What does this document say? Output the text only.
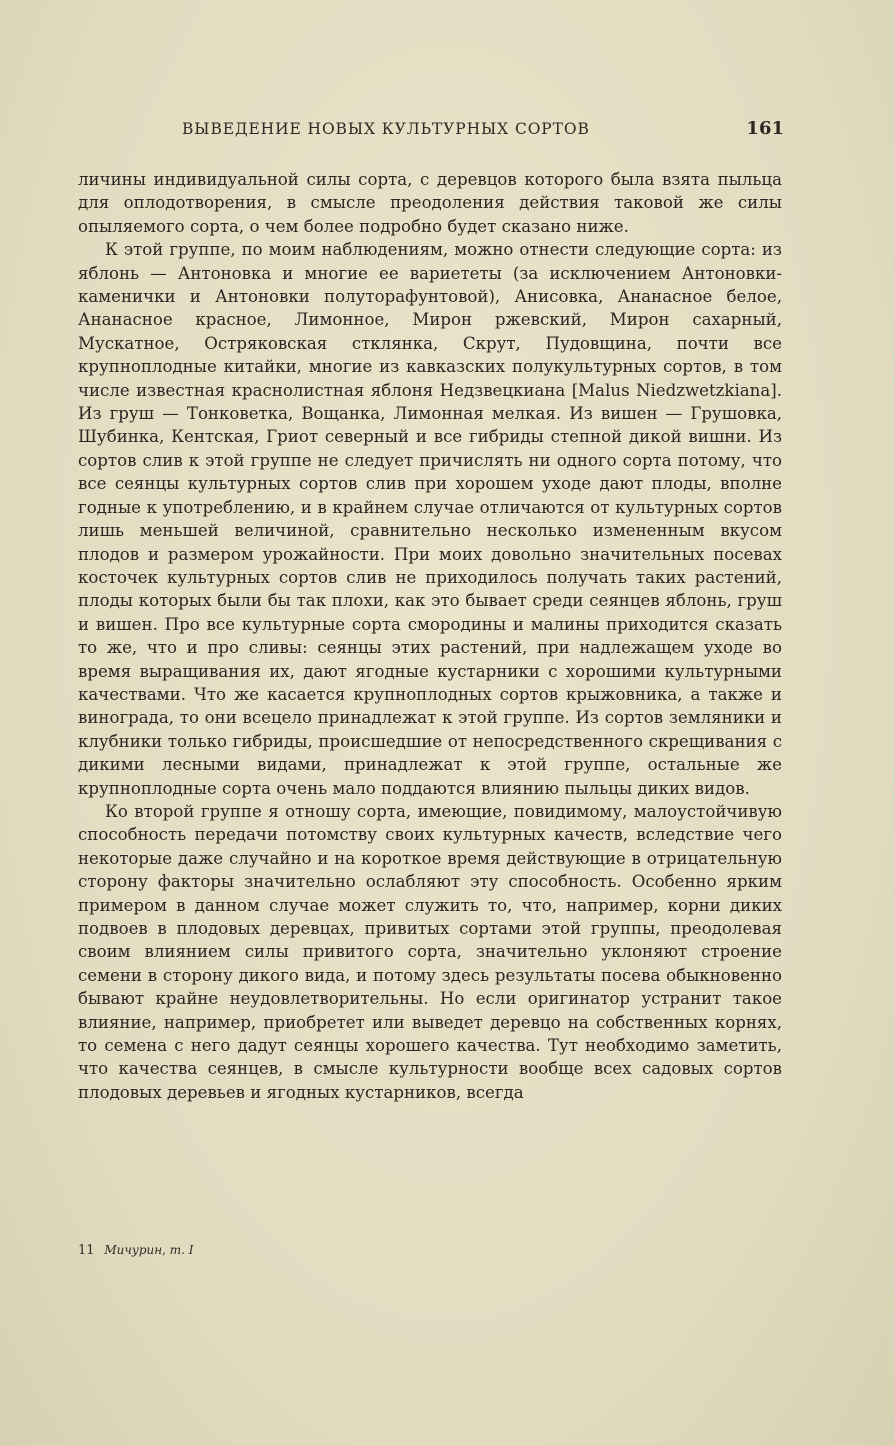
ВЫВЕДЕНИЕ НОВЫХ КУЛЬТУРНЫХ СОРТОВ	161

личины индивидуальной силы сорта, с деревцов которого была взята пыльца для оплодотворения, в смысле преодоления действия таковой же силы опыляемого сорта, о чем более подробно будет сказано ниже.

К этой группе, по моим наблюдениям, можно отнести следующие сорта: из яблонь — Антоновка и многие ее вариететы (за исключением Антоновки-каменички и Антоновки полуторафунтовой), Анисовка, Ананасное белое, Ананасное красное, Лимонное, Мирон ржевский, Мирон сахарный, Мускатное, Остряковская стклянка, Скрут, Пудовщина, почти все крупноплодные китайки, многие из кавказских полукультурных сортов, в том числе известная краснолистная яблоня Недзвецкиана [Malus Niedzwetzkiana]. Из груш — Тонковетка, Вощанка, Лимонная мелкая. Из вишен — Грушовка, Шубинка, Кентская, Гриот северный и все гибриды степной дикой вишни. Из сортов слив к этой группе не следует причислять ни одного сорта потому, что все сеянцы культурных сортов слив при хорошем уходе дают плоды, вполне годные к употреблению, и в крайнем случае отличаются от культурных сортов лишь меньшей величиной, сравнительно несколько измененным вкусом плодов и размером урожайности. При моих довольно значительных посевах косточек культурных сортов слив не приходилось получать таких растений, плоды которых были бы так плохи, как это бывает среди сеянцев яблонь, груш и вишен. Про все культурные сорта смородины и малины приходится сказать то же, что и про сливы: сеянцы этих растений, при надлежащем уходе во время выращивания их, дают ягодные кустарники с хорошими культурными качествами. Что же касается крупноплодных сортов крыжовника, а также и винограда, то они всецело принадлежат к этой группе. Из сортов земляники и клубники только гибриды, происшедшие от непосредственного скрещивания с дикими лесными видами, принадлежат к этой группе, остальные же крупноплодные сорта очень мало поддаются влиянию пыльцы диких видов.

Ко второй группе я отношу сорта, имеющие, повидимому, малоустойчивую способность передачи потомству своих культурных качеств, вследствие чего некоторые даже случайно и на короткое время действующие в отрицательную сторону факторы значительно ослабляют эту способность. Особенно ярким примером в данном случае может служить то, что, например, корни диких подвоев в плодовых деревцах, привитых сортами этой группы, преодолевая своим влиянием силы привитого сорта, значительно уклоняют строение семени в сторону дикого вида, и потому здесь результаты посева обыкновенно бывают крайне неудовлетворительны. Но если оригинатор устранит такое влияние, например, приобретет или выведет деревцо на собственных корнях, то семена с него дадут сеянцы хорошего качества. Тут необходимо заметить, что качества сеянцев, в смысле культурности вообще всех садовых сортов плодовых деревьев и ягодных кустарников, всегда

11 Мичурин, т. I
